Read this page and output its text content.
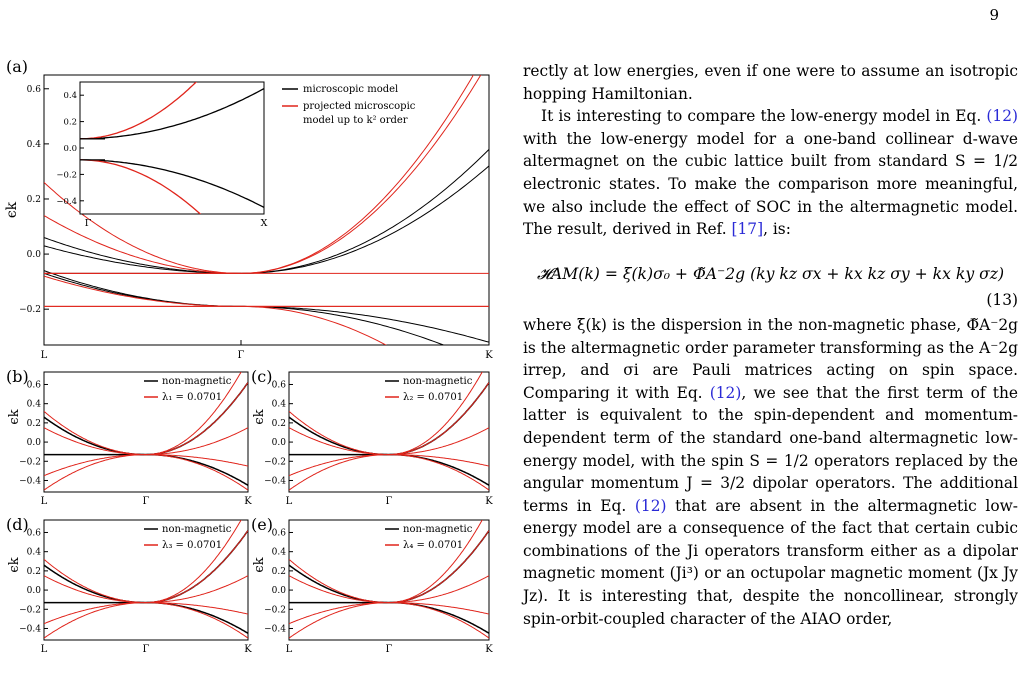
9
(a)
0.6
0.4
0.2
0.0
−0.2
L	Γ	K
ϵk
0.4
0.2
0.0
−0.2
−0.4
Γ	X
microscopic model
projected microscopic
model up to k² order
(b)
0.6
0.4
0.2
0.0
−0.2
−0.4
L	Γ	K
ϵk
non-magnetic
λ₁ = 0.0701
(c) 0.6
0.4
0.2
0.0
−0.2
−0.4
L	Γ	K
ϵk
non-magnetic
λ₂ = 0.0701
(d)
0.6
0.4
0.2
0.0
−0.2
−0.4
L	Γ	K
ϵk
non-magnetic
λ₃ = 0.0701
(e)
0.6
0.4
0.2
0.0
−0.2
−0.4
L	Γ	K
ϵk
non-magnetic
λ₄ = 0.0701

rectly at low energies, even if one were to assume an isotropic hopping Hamiltonian.

It is interesting to compare the low-energy model in Eq. (12) with the low-energy model for a one-band collinear d-wave altermagnet on the cubic lattice built from standard S = 1/2 electronic states. To make the comparison more meaningful, we also include the effect of SOC in the altermagnetic model. The result, derived in Ref. [17], is:

𝓗AM(k) = ξ(k)σ₀ + Φ̃A⁻2g (ky kz σx + kx kz σy + kx ky σz)
(13)

where ξ(k) is the dispersion in the non-magnetic phase, Φ̃A⁻2g is the altermagnetic order parameter transforming as the A⁻2g irrep, and σi are Pauli matrices acting on spin space. Comparing it with Eq. (12), we see that the first term of the latter is equivalent to the spin-dependent and momentum-dependent term of the standard one-band altermagnetic low-energy model, with the spin S = 1/2 operators replaced by the angular momentum J = 3/2 dipolar operators. The additional terms in Eq. (12) that are absent in the altermagnetic low-energy model are a consequence of the fact that certain cubic combinations of the Ji operators transform either as a dipolar magnetic moment (Ji³) or an octupolar magnetic moment (Jx Jy Jz). It is interesting that, despite the noncollinear, strongly spin-orbit-coupled character of the AIAO order,
